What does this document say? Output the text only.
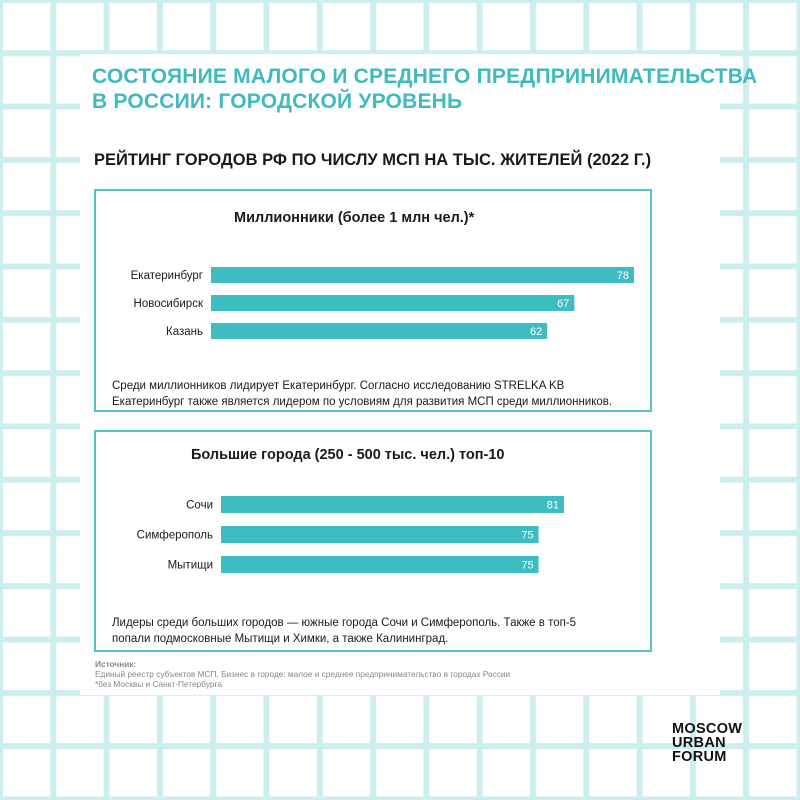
СОСТОЯНИЕ МАЛОГО И СРЕДНЕГО ПРЕДПРИНИМАТЕЛЬСТВА
В РОССИИ: ГОРОДСКОЙ УРОВЕНЬ
РЕЙТИНГ ГОРОДОВ РФ ПО ЧИСЛУ МСП НА ТЫС. ЖИТЕЛЕЙ (2022 Г.)
Миллионники (более 1 млн чел.)*
Екатеринбург	78
Новосибирск	67
Казань	62
Среди миллионников лидирует Екатеринбург. Согласно исследованию STRELKA KB
Екатеринбург также является лидером по условиям для развития МСП среди миллионников.
Большие города (250 - 500 тыс. чел.) топ-10
Сочи	81
Симферополь	75
Мытищи	75
Лидеры среди больших городов — южные города Сочи и Симферополь. Также в топ-5
попали подмосковные Мытищи и Химки, а также Калининград.
Источник:
Единый реестр субъектов МСП, Бизнес в городе: малое и среднее предпринимательство в городах России
*без Москвы и Санкт-Петербурга
MOSCOW
URBAN
FORUM
